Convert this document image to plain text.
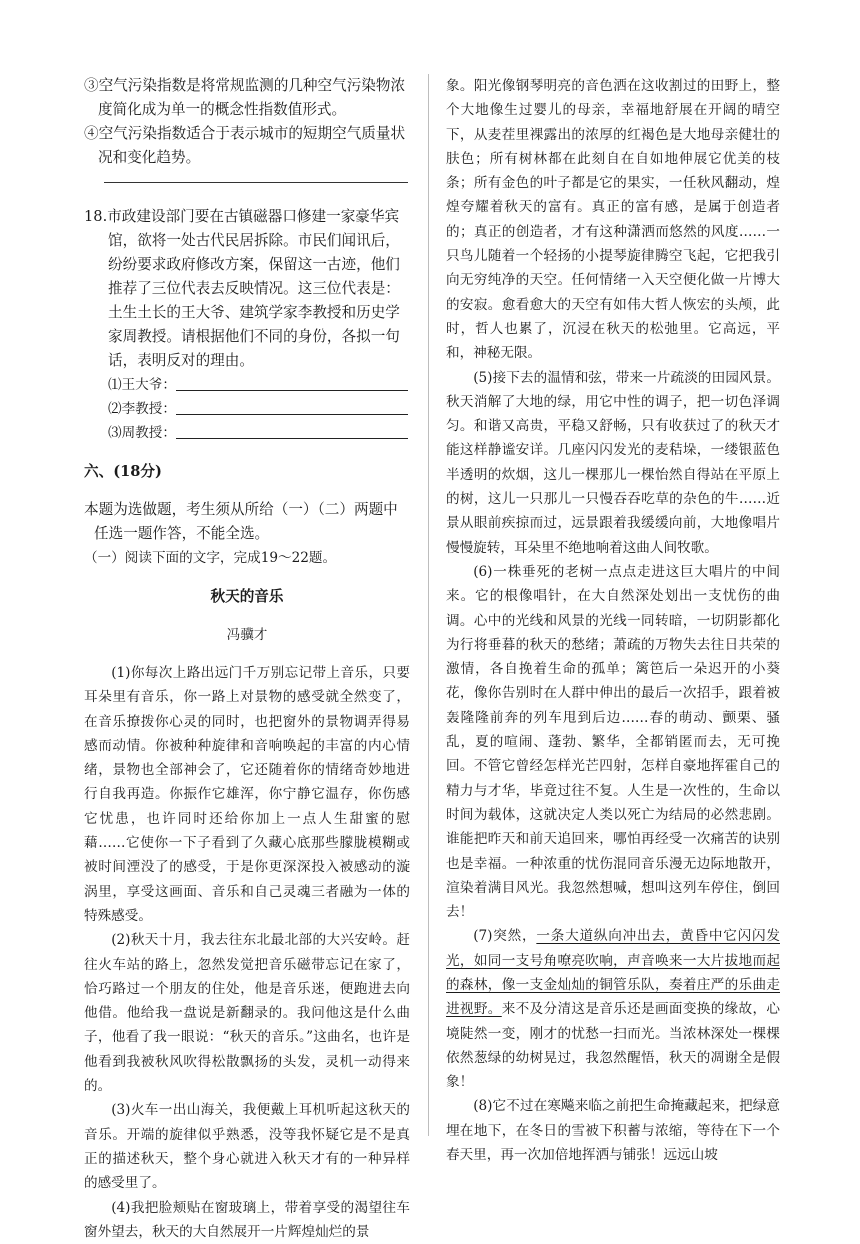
③空气污染指数是将常规监测的几种空气污染物浓度简化成为单一的概念性指数值形式。

④空气污染指数适合于表示城市的短期空气质量状况和变化趋势。

18.市政建设部门要在古镇磁器口修建一家豪华宾馆，欲将一处古代民居拆除。市民们闻讯后，纷纷要求政府修改方案，保留这一古迹，他们推荐了三位代表去反映情况。这三位代表是：土生土长的王大爷、建筑学家李教授和历史学家周教授。请根据他们不同的身份，各拟一句话，表明反对的理由。

⑴王大爷：

⑵李教授：

⑶周教授：

六、(18分)

本题为选做题，考生须从所给（一）（二）两题中任选一题作答，不能全选。

（一）阅读下面的文字，完成19～22题。

秋天的音乐

冯骥才

(1)你每次上路出远门千万别忘记带上音乐，只要耳朵里有音乐，你一路上对景物的感受就全然变了，在音乐撩拨你心灵的同时，也把窗外的景物调弄得易感而动情。你被种种旋律和音响唤起的丰富的内心情绪，景物也全部神会了，它还随着你的情绪奇妙地进行自我再造。你振作它雄浑，你宁静它温存，你伤感它忧患，也许同时还给你加上一点人生甜蜜的慰藉……它使你一下子看到了久藏心底那些朦胧模糊或被时间湮没了的感受，于是你更深深投入被感动的漩涡里，享受这画面、音乐和自己灵魂三者融为一体的特殊感受。

(2)秋天十月，我去往东北最北部的大兴安岭。赶往火车站的路上，忽然发觉把音乐磁带忘记在家了，恰巧路过一个朋友的住处，他是音乐迷，便跑进去向他借。他给我一盘说是新翻录的。我问他这是什么曲子，他看了我一眼说：“秋天的音乐。”这曲名，也许是他看到我被秋风吹得松散飘扬的头发，灵机一动得来的。

(3)火车一出山海关，我便戴上耳机听起这秋天的音乐。开端的旋律似乎熟悉，没等我怀疑它是不是真正的描述秋天，整个身心就进入秋天才有的一种异样的感受里了。

(4)我把脸颊贴在窗玻璃上，带着享受的渴望往车窗外望去，秋天的大自然展开一片辉煌灿烂的景

象。阳光像钢琴明亮的音色洒在这收割过的田野上，整个大地像生过婴儿的母亲，幸福地舒展在开阔的晴空下，从麦茬里裸露出的浓厚的红褐色是大地母亲健壮的肤色；所有树林都在此刻自在自如地伸展它优美的枝条；所有金色的叶子都是它的果实，一任秋风翻动，煌煌夸耀着秋天的富有。真正的富有感，是属于创造者的；真正的创造者，才有这种潇洒而悠然的风度……一只鸟儿随着一个轻扬的小提琴旋律腾空飞起，它把我引向无穷纯净的天空。任何情绪一入天空便化做一片博大的安寂。愈看愈大的天空有如伟大哲人恢宏的头颅，此时，哲人也累了，沉浸在秋天的松弛里。它高远，平和，神秘无限。

(5)接下去的温情和弦，带来一片疏淡的田园风景。秋天消解了大地的绿，用它中性的调子，把一切色泽调匀。和谐又高贵，平稳又舒畅，只有收获过了的秋天才能这样静谧安详。几座闪闪发光的麦秸垛，一缕银蓝色半透明的炊烟，这儿一棵那儿一棵怡然自得站在平原上的树，这儿一只那儿一只慢吞吞吃草的杂色的牛……近景从眼前疾掠而过，远景跟着我缓缓向前，大地像唱片慢慢旋转，耳朵里不绝地响着这曲人间牧歌。

(6)一株垂死的老树一点点走进这巨大唱片的中间来。它的根像唱针，在大自然深处划出一支忧伤的曲调。心中的光线和风景的光线一同转暗，一切阴影都化为行将垂暮的秋天的愁绪；萧疏的万物失去往日共荣的激情，各自挽着生命的孤单；篱笆后一朵迟开的小葵花，像你告别时在人群中伸出的最后一次招手，跟着被轰隆隆前奔的列车甩到后边……春的萌动、颤栗、骚乱，夏的喧闹、蓬勃、繁华，全都销匿而去，无可挽回。不管它曾经怎样光芒四射，怎样自豪地挥霍自己的精力与才华，毕竟过往不复。人生是一次性的，生命以时间为载体，这就决定人类以死亡为结局的必然悲剧。谁能把昨天和前天追回来，哪怕再经受一次痛苦的诀别也是幸福。一种浓重的忧伤混同音乐漫无边际地散开，渲染着满目风光。我忽然想喊，想叫这列车停住，倒回去！

(7)突然，一条大道纵向冲出去，黄昏中它闪闪发光，如同一支号角嘹亮吹响，声音唤来一大片拔地而起的森林，像一支金灿灿的铜管乐队，奏着庄严的乐曲走进视野。来不及分清这是音乐还是画面变换的缘故，心境陡然一变，刚才的忧愁一扫而光。当浓林深处一棵棵依然葱绿的幼树晃过，我忽然醒悟，秋天的凋谢全是假象！

(8)它不过在寒飚来临之前把生命掩藏起来，把绿意埋在地下，在冬日的雪被下积蓄与浓缩，等待在下一个春天里，再一次加倍地挥洒与铺张！远远山坡
